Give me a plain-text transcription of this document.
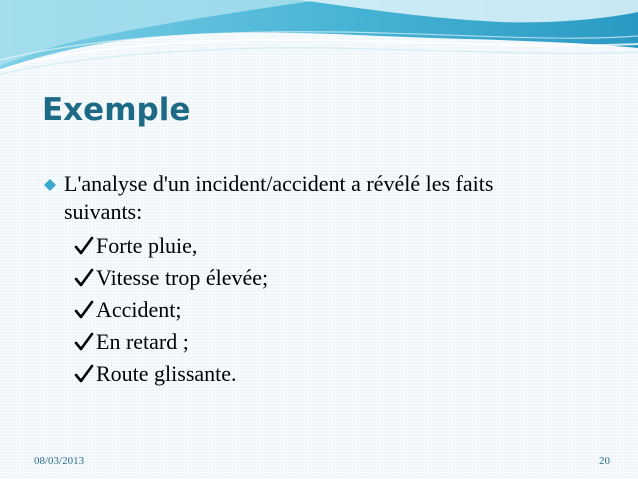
Exemple
L'analyse d'un incident/accident a révélé les faits suivants:
Forte pluie,
Vitesse trop élevée;
Accident;
En retard ;
Route glissante.
08/03/2013	20
